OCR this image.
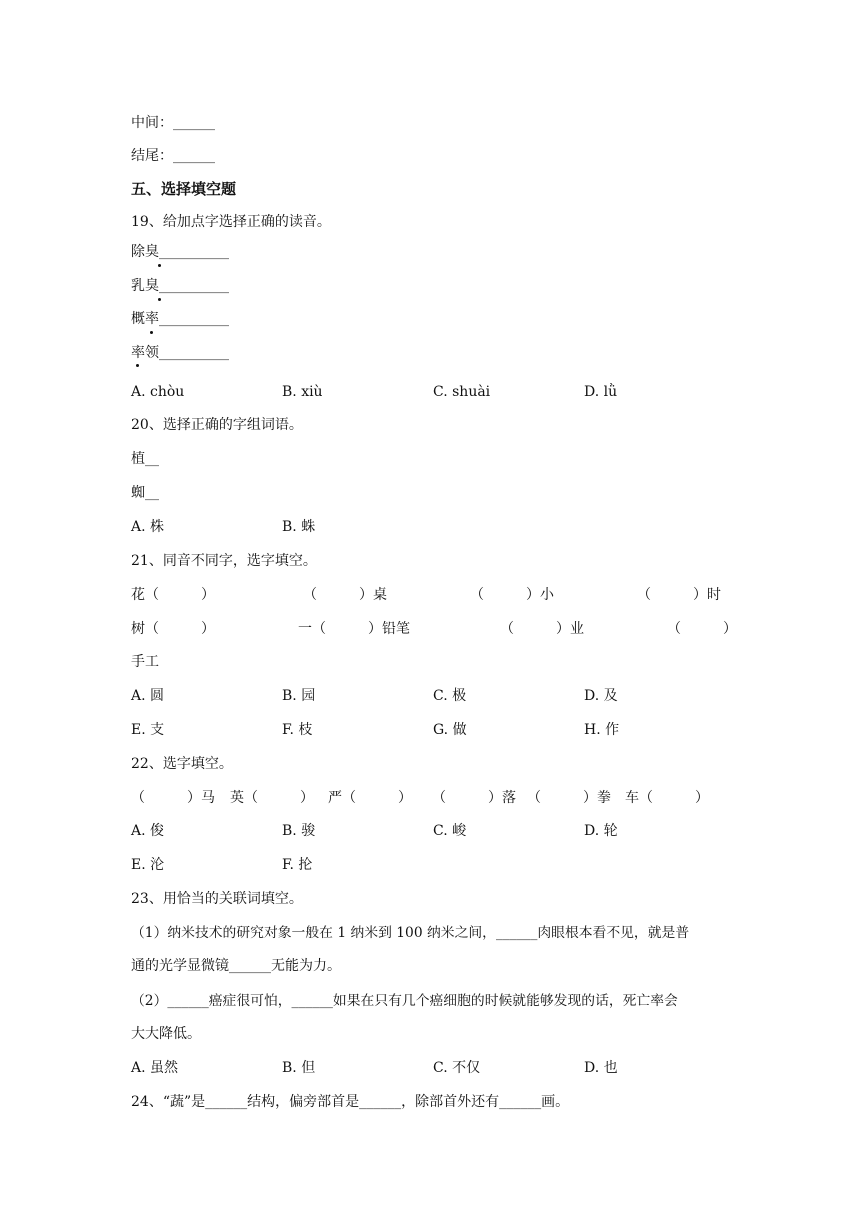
中间：______
结尾：______
五、选择填空题
19、给加点字选择正确的读音。
除臭__________
乳臭__________
概率__________
率领__________
A. chòu	B. xiù	C. shuài	D. lǜ
20、选择正确的字组词语。
植__
蜘__
A. 株	B. 蛛
21、同音不同字，选字填空。
花（　　　）	（　　　）桌	（　　　）小	（　　　）时
树（　　　）	一（　　　）铅笔	（　　　）业	（　　　）
手工
A. 圆	B. 园	C. 极	D. 及
E. 支	F. 枝	G. 做	H. 作
22、选字填空。
（　　　）马 英（　　　） 严（　　　） （　　　）落 （　　　）拳 车（　　　）
A. 俊	B. 骏	C. 峻	D. 轮
E. 沦	F. 抡
23、用恰当的关联词填空。
（1）纳米技术的研究对象一般在 1 纳米到 100 纳米之间，______肉眼根本看不见，就是普
通的光学显微镜______无能为力。
（2）______癌症很可怕，______如果在只有几个癌细胞的时候就能够发现的话，死亡率会
大大降低。
A. 虽然	B. 但	C. 不仅	D. 也
24、“蔬”是______结构，偏旁部首是______，除部首外还有______画。
